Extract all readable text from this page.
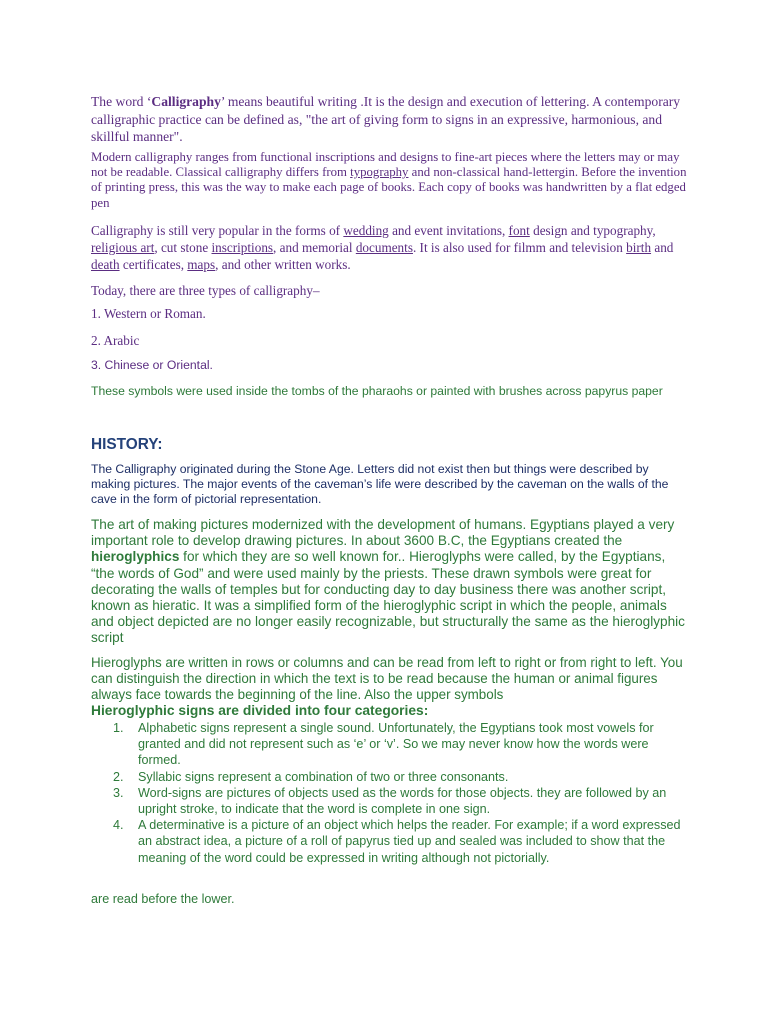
The word ‘Calligraphy’ means beautiful writing .It is the design and execution of lettering. A contemporary calligraphic practice can be defined as, "the art of giving form to signs in an expressive, harmonious, and skillful manner".

Modern calligraphy ranges from functional inscriptions and designs to fine-art pieces where the letters may or may not be readable. Classical calligraphy differs from typography and non-classical hand-lettergin. Before the invention of printing press, this was the way to make each page of books. Each copy of books was handwritten by a flat edged pen

Calligraphy is still very popular in the forms of wedding and event invitations, font design and typography, religious art, cut stone inscriptions, and memorial documents. It is also used for filmm and television birth and death certificates, maps, and other written works.

Today, there are three types of calligraphy–

1. Western or Roman.

2. Arabic

3. Chinese or Oriental.

These symbols were used inside the tombs of the pharaohs or painted with brushes across papyrus paper

HISTORY:

The Calligraphy originated during the Stone Age. Letters did not exist then but things were described by making pictures. The major events of the caveman’s life were described by the caveman on the walls of the cave in the form of pictorial representation.

The art of making pictures modernized with the development of humans. Egyptians played a very important role to develop drawing pictures. In about 3600 B.C, the Egyptians created the hieroglyphics for which they are so well known for.. Hieroglyphs were called, by the Egyptians, “the words of God” and were used mainly by the priests. These drawn symbols were great for decorating the walls of temples but for conducting day to day business there was another script, known as hieratic. It was a simplified form of the hieroglyphic script in which the people, animals and object depicted are no longer easily recognizable, but structurally the same as the hieroglyphic script

Hieroglyphs are written in rows or columns and can be read from left to right or from right to left. You can distinguish the direction in which the text is to be read because the human or animal figures always face towards the beginning of the line. Also the upper symbols

Hieroglyphic signs are divided into four categories:

1. Alphabetic signs represent a single sound. Unfortunately, the Egyptians took most vowels for granted and did not represent such as ‘e’ or ‘v’. So we may never know how the words were formed.
2. Syllabic signs represent a combination of two or three consonants.
3. Word-signs are pictures of objects used as the words for those objects. they are followed by an upright stroke, to indicate that the word is complete in one sign.
4. A determinative is a picture of an object which helps the reader. For example; if a word expressed an abstract idea, a picture of a roll of papyrus tied up and sealed was included to show that the meaning of the word could be expressed in writing although not pictorially.

are read before the lower.
